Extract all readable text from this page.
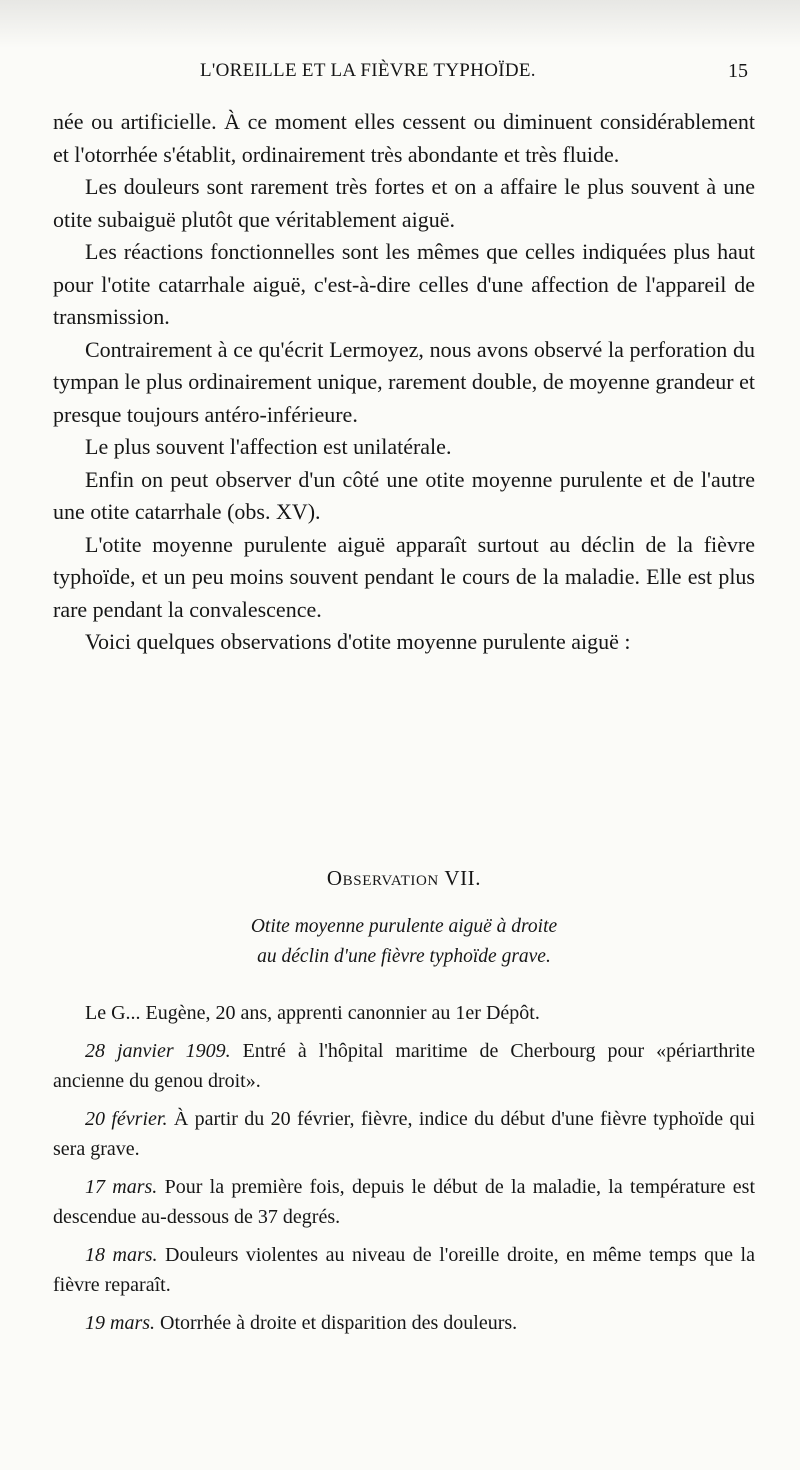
L'OREILLE ET LA FIÈVRE TYPHOÏDE.	15

née ou artificielle. À ce moment elles cessent ou diminuent considérablement et l'otorrhée s'établit, ordinairement très abondante et très fluide.

Les douleurs sont rarement très fortes et on a affaire le plus souvent à une otite subaiguë plutôt que véritablement aiguë.

Les réactions fonctionnelles sont les mêmes que celles indiquées plus haut pour l'otite catarrhale aiguë, c'est-à-dire celles d'une affection de l'appareil de transmission.

Contrairement à ce qu'écrit Lermoyez, nous avons observé la perforation du tympan le plus ordinairement unique, rarement double, de moyenne grandeur et presque toujours antéro-inférieure.

Le plus souvent l'affection est unilatérale.

Enfin on peut observer d'un côté une otite moyenne purulente et de l'autre une otite catarrhale (obs. XV).

L'otite moyenne purulente aiguë apparaît surtout au déclin de la fièvre typhoïde, et un peu moins souvent pendant le cours de la maladie. Elle est plus rare pendant la convalescence.

Voici quelques observations d'otite moyenne purulente aiguë :

Observation VII.
Otite moyenne purulente aiguë à droite
au déclin d'une fièvre typhoïde grave.

Le G... Eugène, 20 ans, apprenti canonnier au 1er Dépôt.

28 janvier 1909. Entré à l'hôpital maritime de Cherbourg pour «périarthrite ancienne du genou droit».

20 février. À partir du 20 février, fièvre, indice du début d'une fièvre typhoïde qui sera grave.

17 mars. Pour la première fois, depuis le début de la maladie, la température est descendue au-dessous de 37 degrés.

18 mars. Douleurs violentes au niveau de l'oreille droite, en même temps que la fièvre reparaît.

19 mars. Otorrhée à droite et disparition des douleurs.
